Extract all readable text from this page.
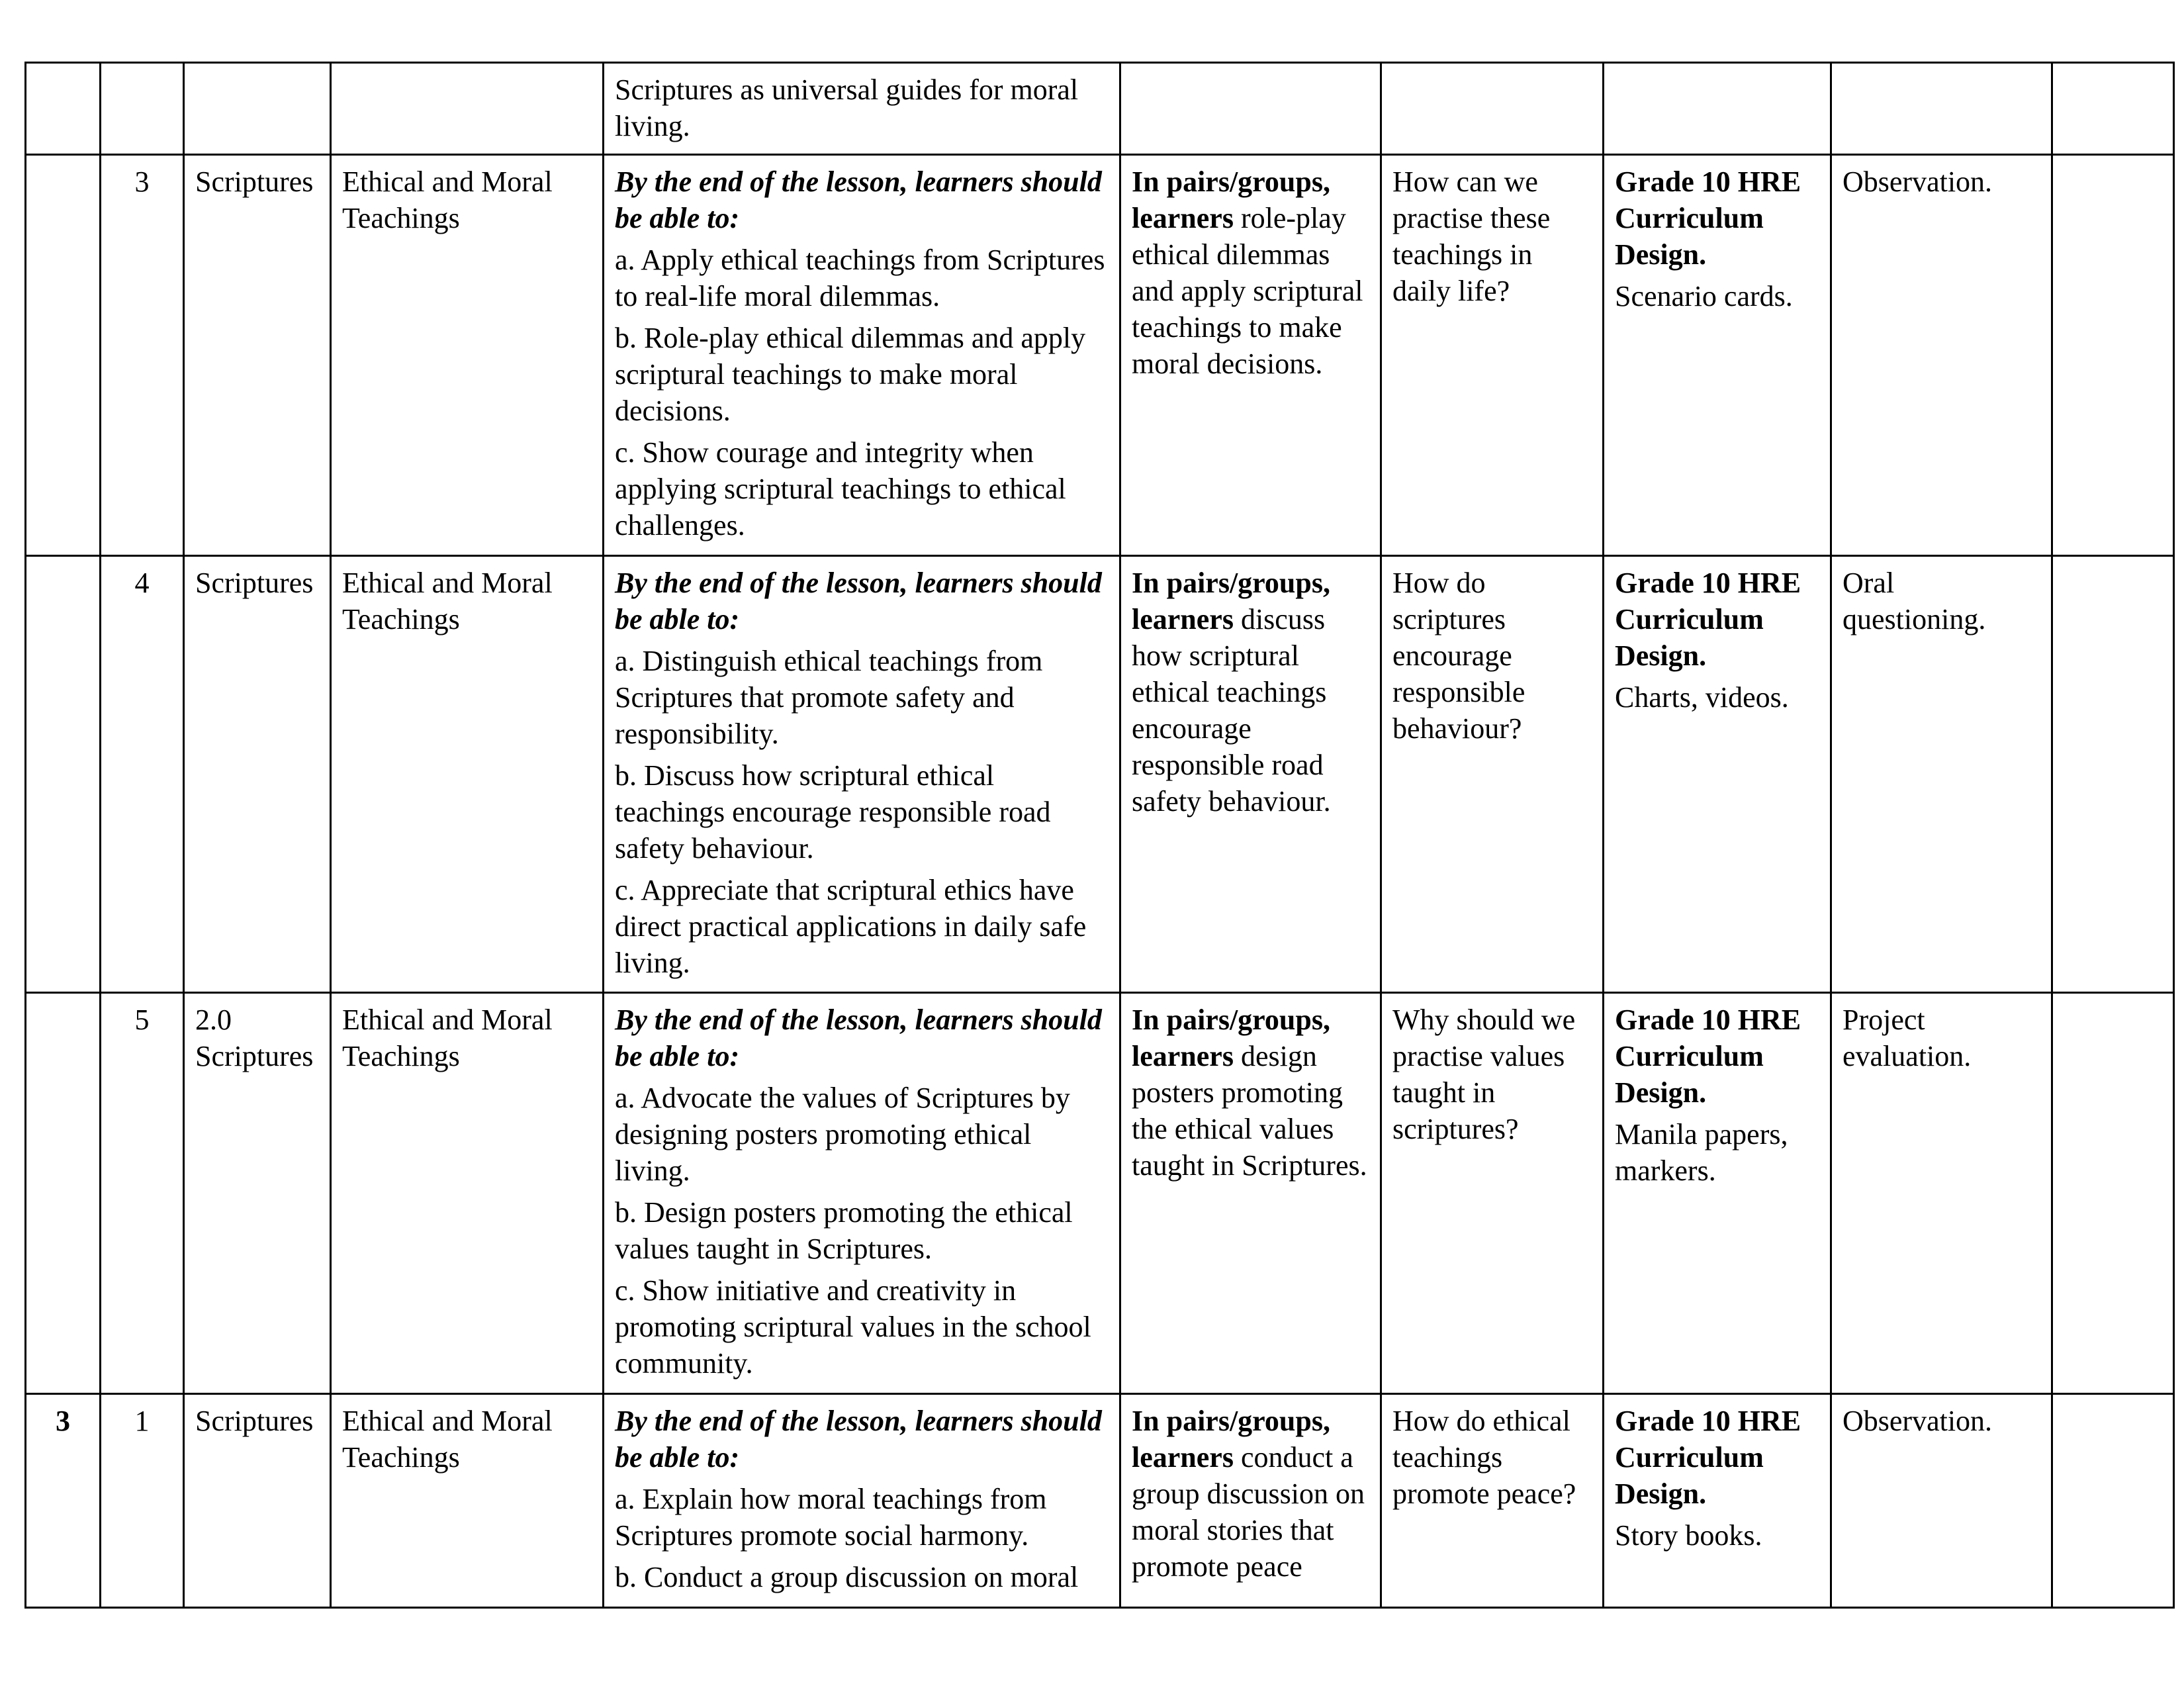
				Scriptures as universal guides for moral living.					

	3	Scriptures	Ethical and Moral Teachings	By the end of the lesson, learners should be able to:
a. Apply ethical teachings from Scriptures to real-life moral dilemmas.
b. Role-play ethical dilemmas and apply scriptural teachings to make moral decisions.
c. Show courage and integrity when applying scriptural teachings to ethical challenges.	In pairs/groups, learners role-play ethical dilemmas and apply scriptural teachings to make moral decisions.	How can we practise these teachings in daily life?	Grade 10 HRE Curriculum Design.
Scenario cards.	Observation.	
	4	Scriptures	Ethical and Moral Teachings	By the end of the lesson, learners should be able to:
a. Distinguish ethical teachings from Scriptures that promote safety and responsibility.
b. Discuss how scriptural ethical teachings encourage responsible road safety behaviour.
c. Appreciate that scriptural ethics have direct practical applications in daily safe living.	In pairs/groups, learners discuss how scriptural ethical teachings encourage responsible road safety behaviour.	How do scriptures encourage responsible behaviour?	Grade 10 HRE Curriculum Design.
Charts, videos.	Oral questioning.	
	5	2.0 Scriptures	Ethical and Moral Teachings	By the end of the lesson, learners should be able to:
a. Advocate the values of Scriptures by designing posters promoting ethical living.
b. Design posters promoting the ethical values taught in Scriptures.
c. Show initiative and creativity in promoting scriptural values in the school community.	In pairs/groups, learners design posters promoting the ethical values taught in Scriptures.	Why should we practise values taught in scriptures?	Grade 10 HRE Curriculum Design.
Manila papers, markers.	Project evaluation.	
3	1	Scriptures	Ethical and Moral Teachings	By the end of the lesson, learners should be able to:
a. Explain how moral teachings from Scriptures promote social harmony.
b. Conduct a group discussion on moral	In pairs/groups, learners conduct a group discussion on moral stories that promote peace	How do ethical teachings promote peace?	Grade 10 HRE Curriculum Design.
Story books.	Observation.	
